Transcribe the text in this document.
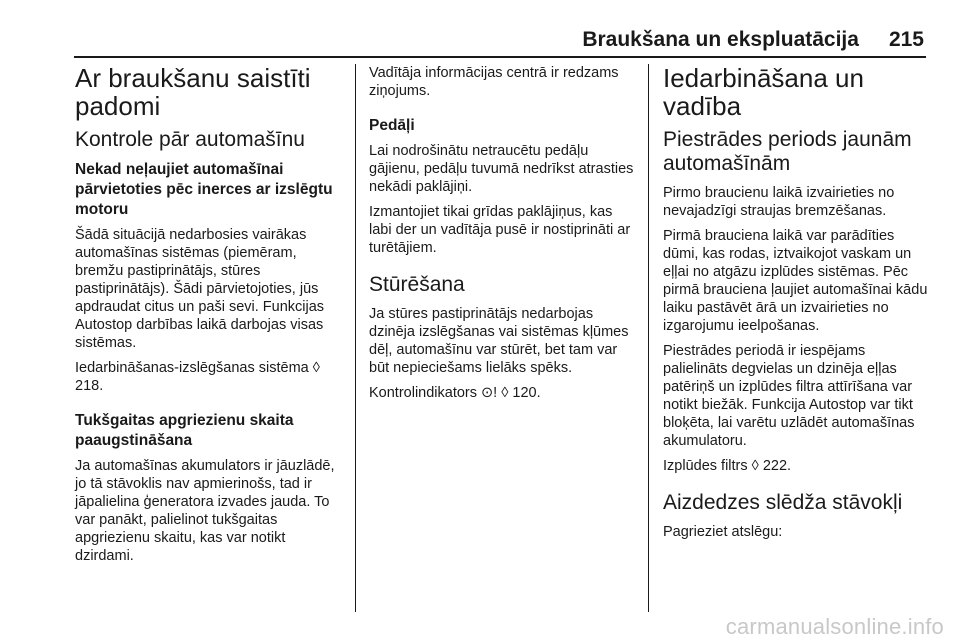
Braukšana un ekspluatācija 215
Ar braukšanu saistīti padomi
Kontrole pār automašīnu
Nekad neļaujiet automašīnai pārvietoties pēc inerces ar izslēgtu motoru

Šādā situācijā nedarbosies vairākas automašīnas sistēmas (piemēram, bremžu pastiprinātājs, stūres pastiprinātājs). Šādi pārvietojoties, jūs apdraudat citus un paši sevi. Funkcijas Autostop darbības laikā darbojas visas sistēmas.

Iedarbināšanas-izslēgšanas sistēma ◊ 218.

Tukšgaitas apgriezienu skaita paaugstināšana

Ja automašīnas akumulators ir jāuzlādē, jo tā stāvoklis nav apmierinošs, tad ir jāpalielina ģeneratora izvades jauda. To var panākt, palielinot tukšgaitas apgriezienu skaitu, kas var notikt dzirdami.

Vadītāja informācijas centrā ir redzams ziņojums.

Pedāļi

Lai nodrošinātu netraucētu pedāļu gājienu, pedāļu tuvumā nedrīkst atrasties nekādi paklājiņi.

Izmantojiet tikai grīdas paklājiņus, kas labi der un vadītāja pusē ir nostiprināti ar turētājiem.

Stūrēšana

Ja stūres pastiprinātājs nedarbojas dzinēja izslēgšanas vai sistēmas kļūmes dēļ, automašīnu var stūrēt, bet tam var būt nepieciešams lielāks spēks.

Kontrolindikators ⊙! ◊ 120.

Iedarbināšana un vadība
Piestrādes periods jaunām automašīnām

Pirmo braucienu laikā izvairieties no nevajadzīgi straujas bremzēšanas.

Pirmā brauciena laikā var parādīties dūmi, kas rodas, iztvaikojot vaskam un eļļai no atgāzu izplūdes sistēmas. Pēc pirmā brauciena ļaujiet automašīnai kādu laiku pastāvēt ārā un izvairieties no izgarojumu ieelpošanas.

Piestrādes periodā ir iespējams palielināts degvielas un dzinēja eļļas patēriņš un izplūdes filtra attīrīšana var notikt biežāk. Funkcija Autostop var tikt bloķēta, lai varētu uzlādēt automašīnas akumulatoru.

Izplūdes filtrs ◊ 222.

Aizdedzes slēdža stāvokļi

Pagrieziet atslēgu:

carmanualsonline.info
